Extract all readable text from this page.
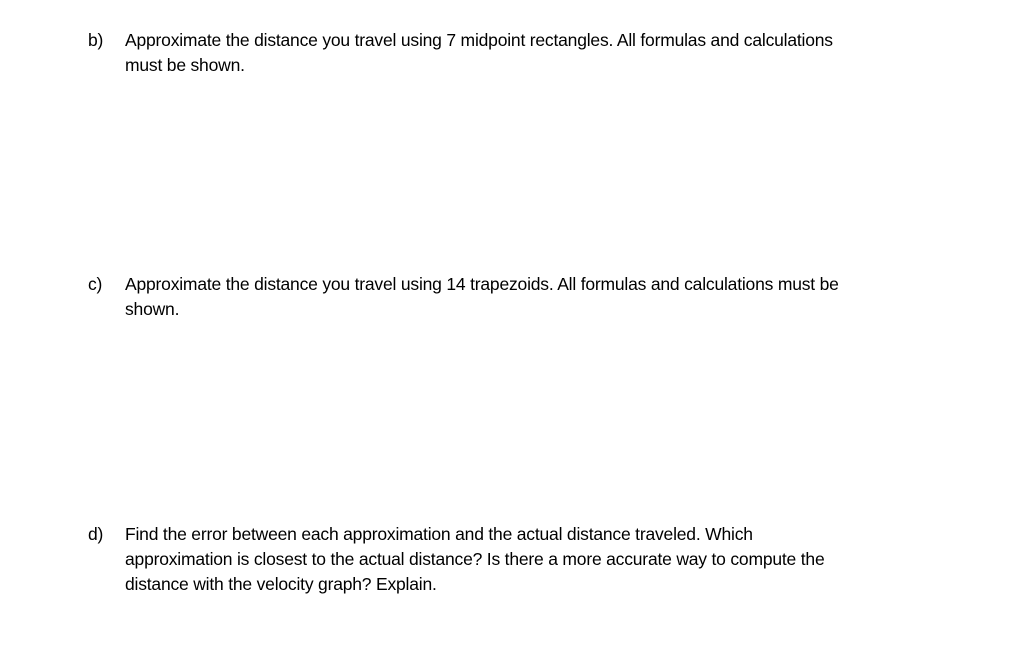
b)	Approximate the distance you travel using 7 midpoint rectangles. All formulas and calculations
must be shown.
c)	Approximate the distance you travel using 14 trapezoids. All formulas and calculations must be
shown.
d)	Find the error between each approximation and the actual distance traveled. Which
approximation is closest to the actual distance? Is there a more accurate way to compute the
distance with the velocity graph? Explain.
